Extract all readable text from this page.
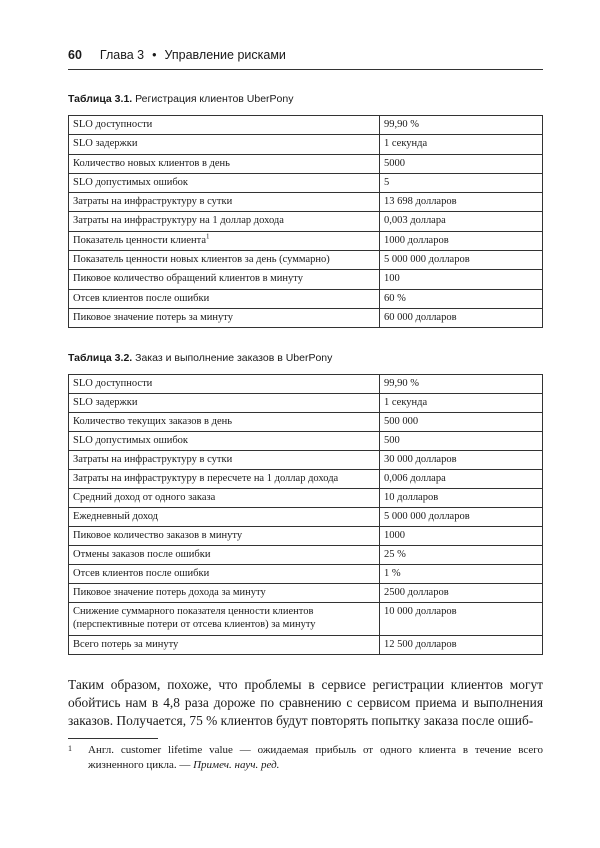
60 Глава 3 • Управление рисками
Таблица 3.1. Регистрация клиентов UberPony
SLO доступности	99,90 %
SLO задержки	1 секунда
Количество новых клиентов в день	5000
SLO допустимых ошибок	5
Затраты на инфраструктуру в сутки	13 698 долларов
Затраты на инфраструктуру на 1 доллар дохода	0,003 доллара
Показатель ценности клиента$^1$	1000 долларов
Показатель ценности новых клиентов за день (суммарно)	5 000 000 долларов
Пиковое количество обращений клиентов в минуту	100
Отсев клиентов после ошибки	60 %
Пиковое значение потерь за минуту	60 000 долларов
Таблица 3.2. Заказ и выполнение заказов в UberPony
SLO доступности	99,90 %
SLO задержки	1 секунда
Количество текущих заказов в день	500 000
SLO допустимых ошибок	500
Затраты на инфраструктуру в сутки	30 000 долларов
Затраты на инфраструктуру в пересчете на 1 доллар дохода	0,006 доллара
Средний доход от одного заказа	10 долларов
Ежедневный доход	5 000 000 долларов
Пиковое количество заказов в минуту	1000
Отмены заказов после ошибки	25 %
Отсев клиентов после ошибки	1 %
Пиковое значение потерь дохода за минуту	2500 долларов
Снижение суммарного показателя ценности клиентов (перспективные потери от отсева клиентов) за минуту	10 000 долларов
Всего потерь за минуту	12 500 долларов
Таким образом, похоже, что проблемы в сервисе регистрации клиентов могут обойтись нам в 4,8 раза дороже по сравнению с сервисом приема и выполнения заказов. Получается, 75 % клиентов будут повторять попытку заказа после ошиб-
1 Англ. customer lifetime value — ожидаемая прибыль от одного клиента в течение всего жизненного цикла. — Примеч. науч. ред.
